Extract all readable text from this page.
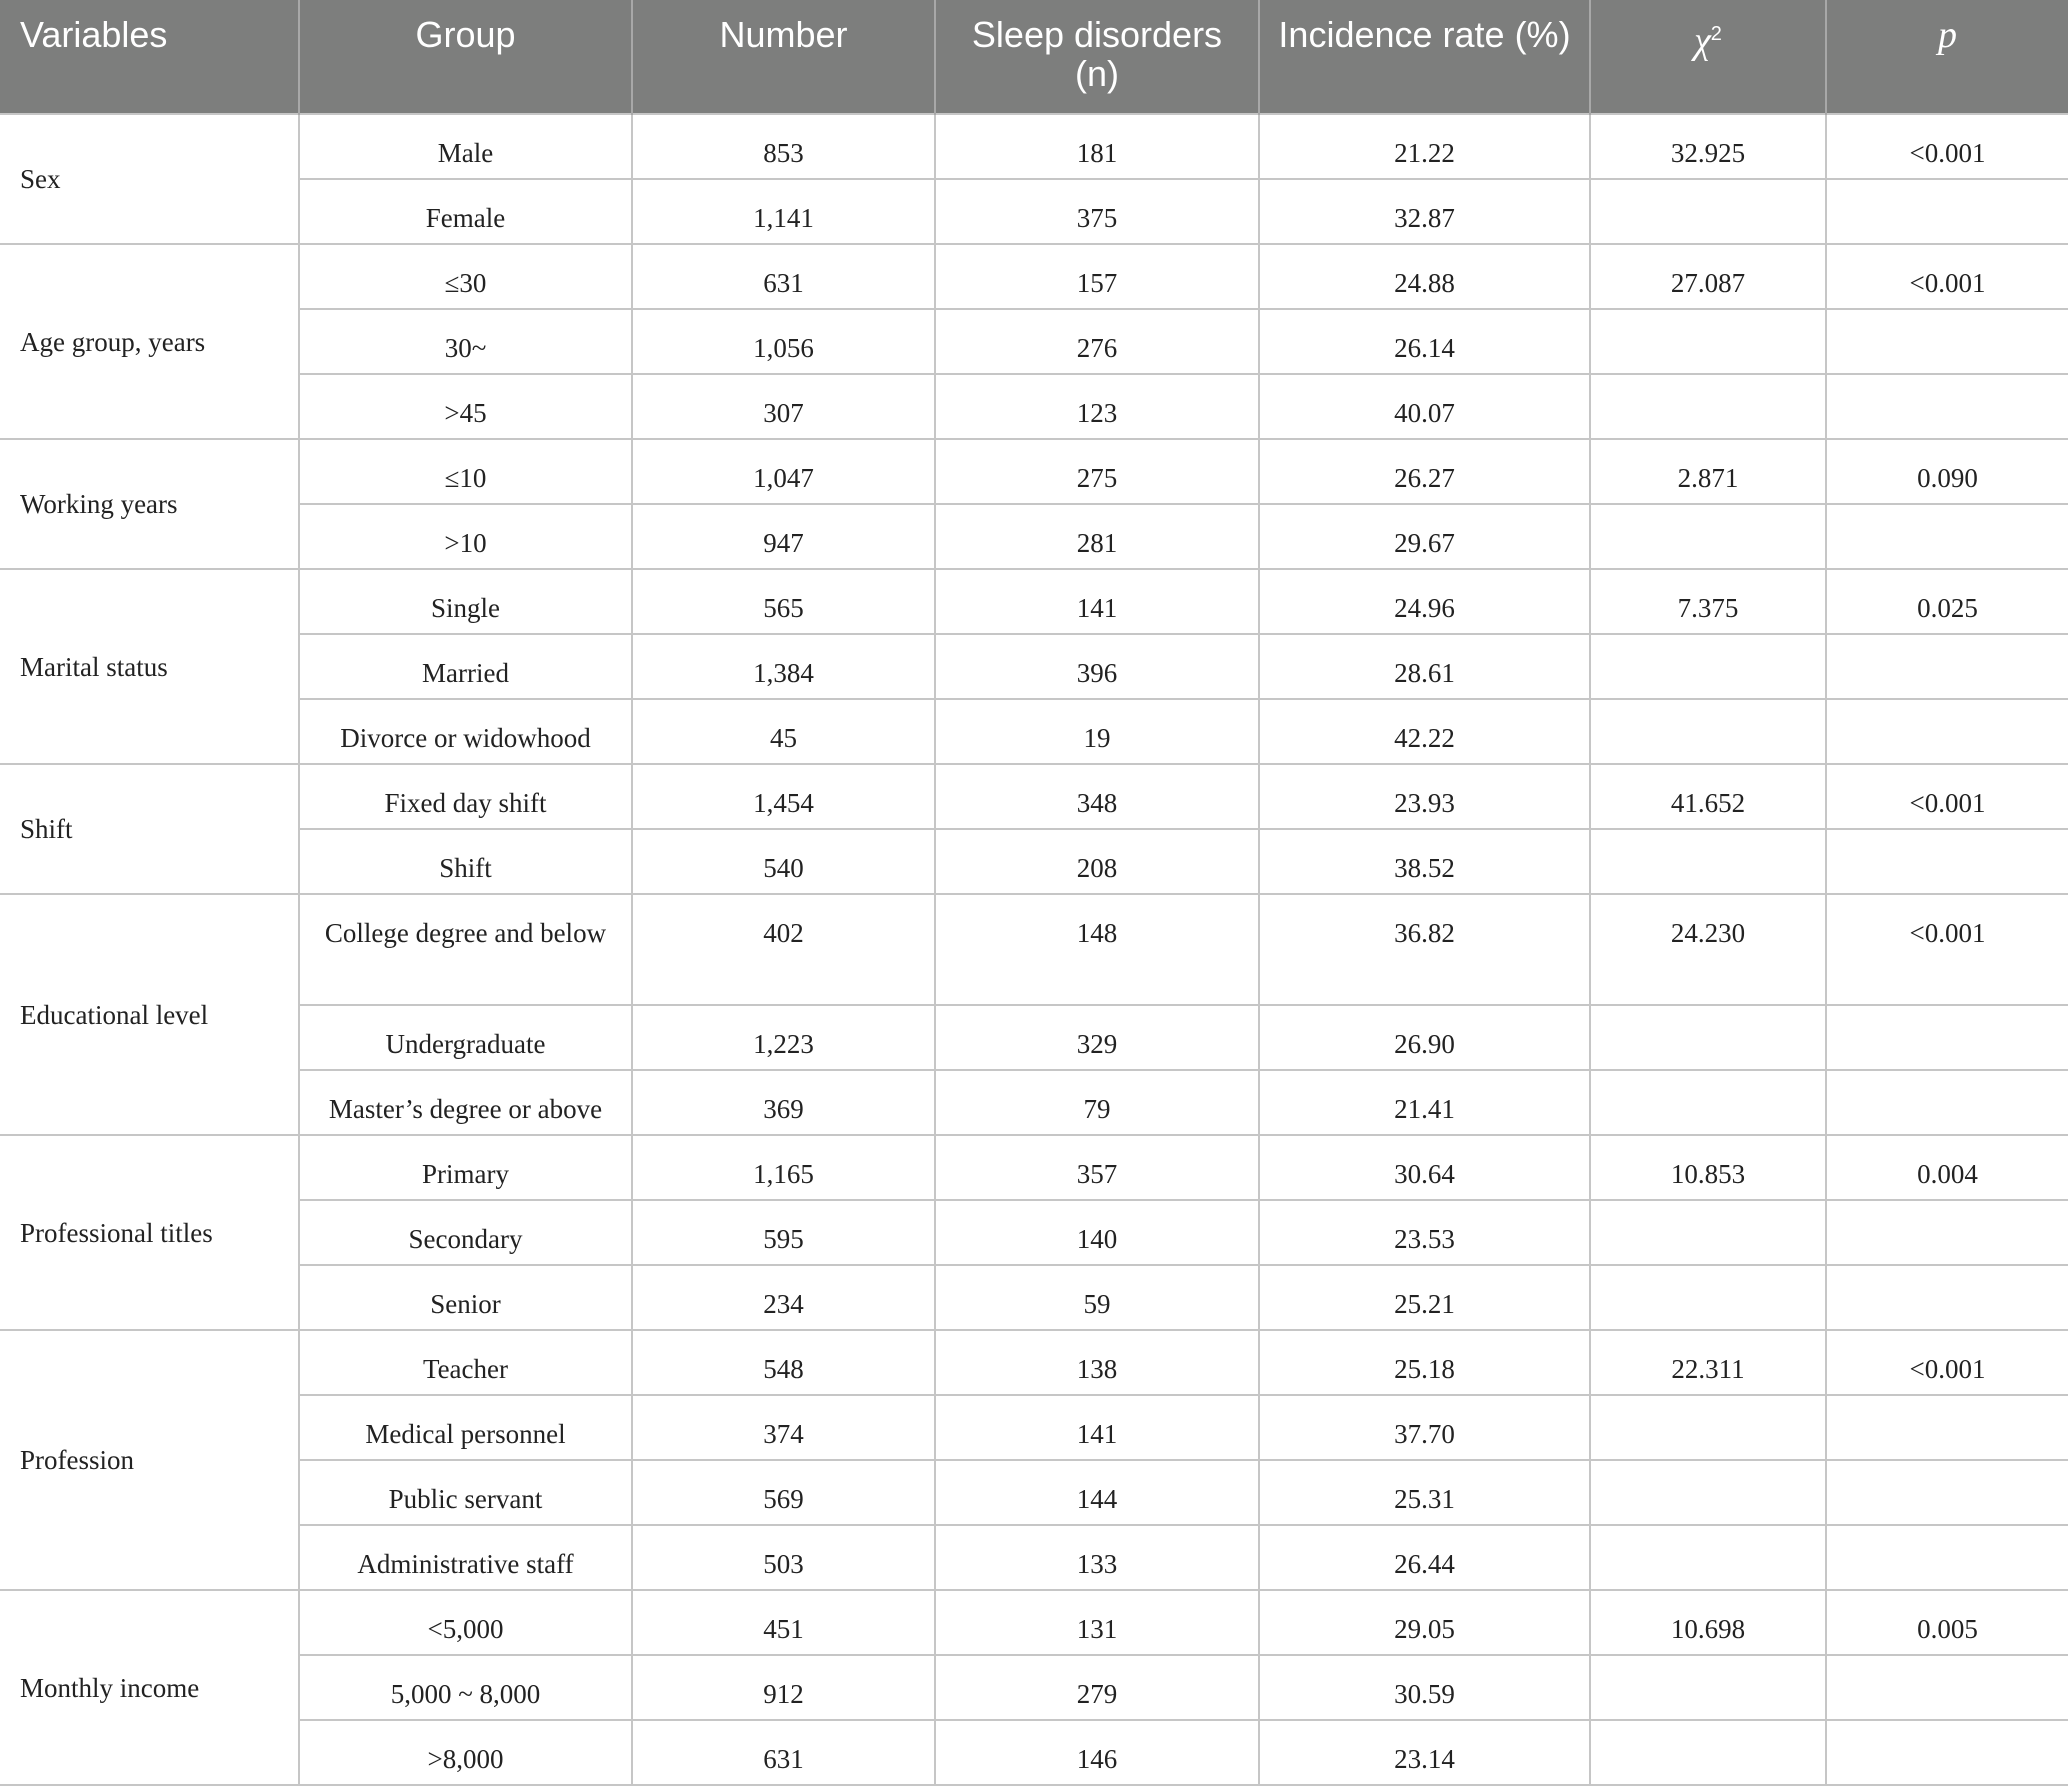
Variables	Group	Number	Sleep disorders (n)	Incidence rate (%)	$\chi^2$	p
Sex	Male	853	181	21.22	32.925	<0.001
	Female	1,141	375	32.87		
Age group, years	≤30	631	157	24.88	27.087	<0.001
	30~	1,056	276	26.14		
	>45	307	123	40.07		
Working years	≤10	1,047	275	26.27	2.871	0.090
	>10	947	281	29.67		
Marital status	Single	565	141	24.96	7.375	0.025
	Married	1,384	396	28.61		
	Divorce or widowhood	45	19	42.22		
Shift	Fixed day shift	1,454	348	23.93	41.652	<0.001
	Shift	540	208	38.52		
Educational level	College degree and below	402	148	36.82	24.230	<0.001
	Undergraduate	1,223	329	26.90		
	Master’s degree or above	369	79	21.41		
Professional titles	Primary	1,165	357	30.64	10.853	0.004
	Secondary	595	140	23.53		
	Senior	234	59	25.21		
Profession	Teacher	548	138	25.18	22.311	<0.001
	Medical personnel	374	141	37.70		
	Public servant	569	144	25.31		
	Administrative staff	503	133	26.44		
Monthly income	<5,000	451	131	29.05	10.698	0.005
	5,000 ~ 8,000	912	279	30.59		
	>8,000	631	146	23.14		
